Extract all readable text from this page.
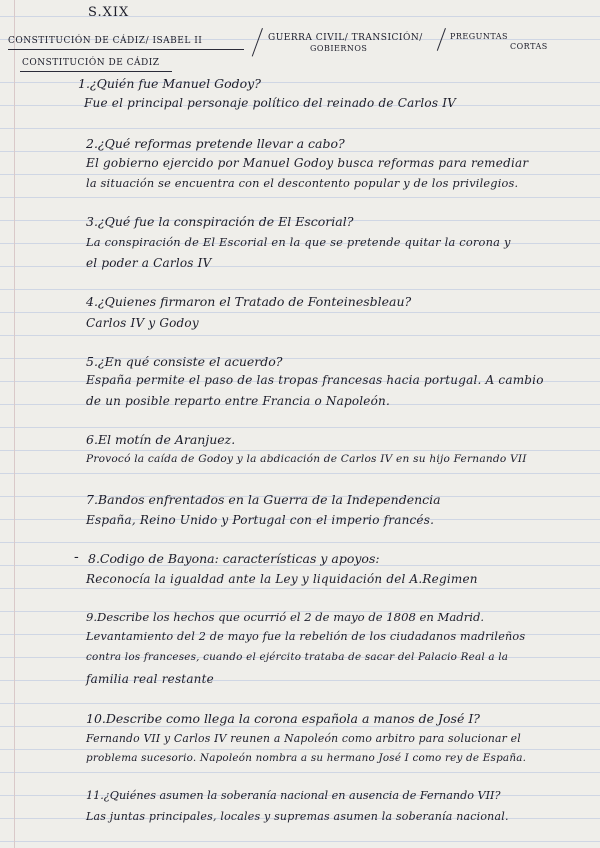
S.XIX
CONSTITUCIÓN DE CÁDIZ/ ISABEL II	GUERRA CIVIL/ TRANSICIÓN/
GOBIERNOS
PREGUNTAS
CORTAS
CONSTITUCIÓN DE CÁDIZ
1.¿Quién fue Manuel Godoy?
Fue el principal personaje político del reinado de Carlos IV
2.¿Qué reformas pretende llevar a cabo?
El gobierno ejercido por Manuel Godoy busca reformas para remediar
la situación se encuentra con el descontento popular y de los privilegios.
3.¿Qué fue la conspiración de El Escorial?
La conspiración de El Escorial en la que se pretende quitar la corona y
el poder a Carlos IV
4.¿Quienes firmaron el Tratado de Fonteinesbleau?
Carlos IV y Godoy
5.¿En qué consiste el acuerdo?
España permite el paso de las tropas francesas hacia portugal. A cambio
de un posible reparto entre Francia o Napoleón.
6.El motín de Aranjuez.
Provocó la caída de Godoy y la abdicación de Carlos IV en su hijo Fernando VII
7.Bandos enfrentados en la Guerra de la Independencia
España, Reino Unido y Portugal con el imperio francés.
- 8.Codigo de Bayona: características y apoyos:
Reconocía la igualdad ante la Ley y liquidación del A.Regimen
9.Describe los hechos que ocurrió el 2 de mayo de 1808 en Madrid.
Levantamiento del 2 de mayo fue la rebelión de los ciudadanos madrileños
contra los franceses, cuando el ejército trataba de sacar del Palacio Real a la
familia real restante
10.Describe como llega la corona española a manos de José I?
Fernando VII y Carlos IV reunen a Napoleón como arbitro para solucionar el
problema sucesorio. Napoleón nombra a su hermano José I como rey de España.
11.¿Quiénes asumen la soberanía nacional en ausencia de Fernando VII?
Las juntas principales, locales y supremas asumen la soberanía nacional.
